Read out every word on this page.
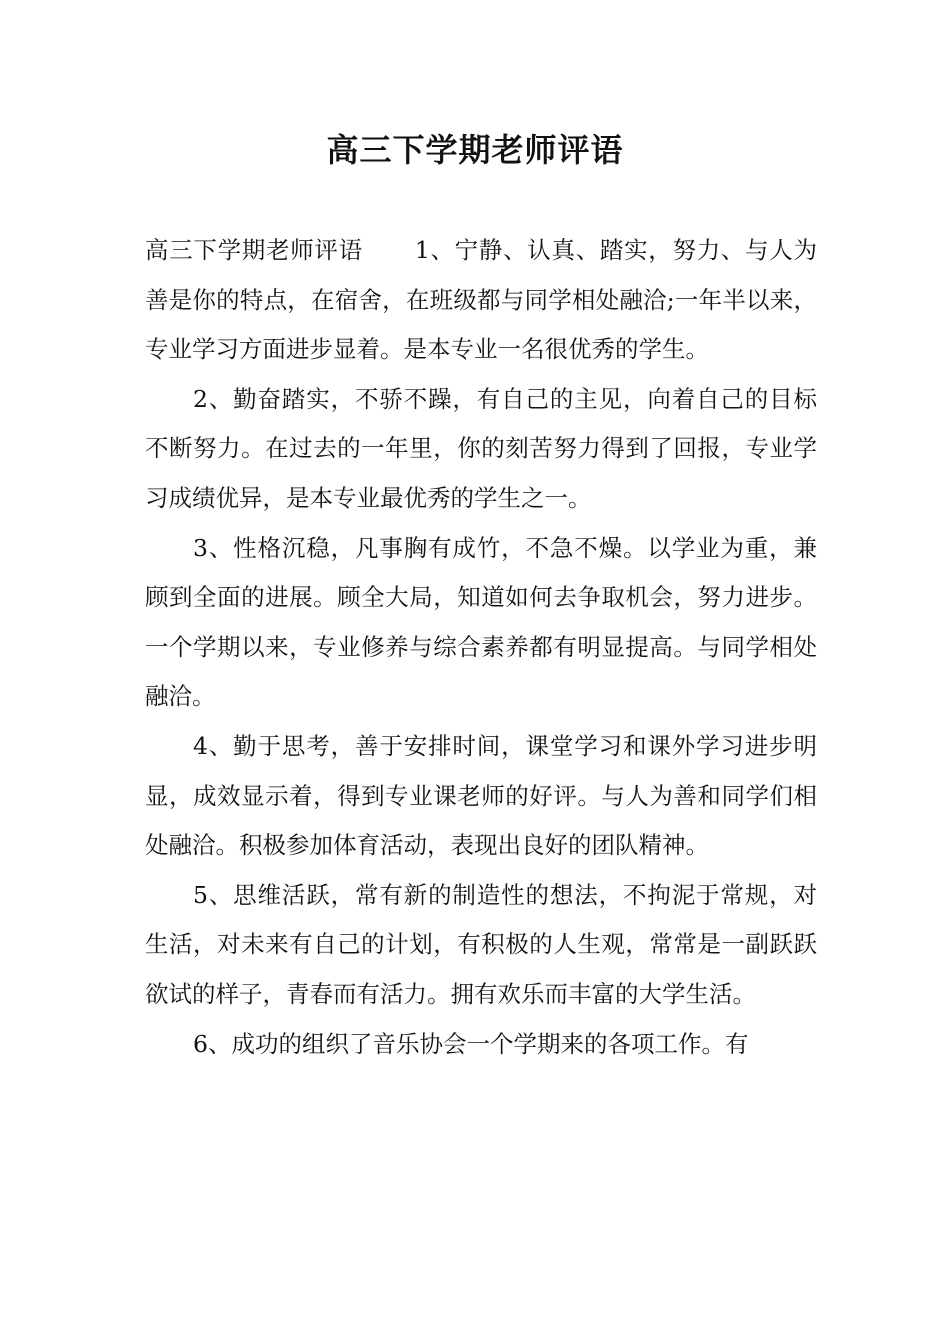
高三下学期老师评语

高三下学期老师评语 1、宁静、认真、踏实，努力、与人为善是你的特点，在宿舍，在班级都与同学相处融洽;一年半以来，专业学习方面进步显着。是本专业一名很优秀的学生。

2、勤奋踏实，不骄不躁，有自己的主见，向着自己的目标不断努力。在过去的一年里，你的刻苦努力得到了回报，专业学习成绩优异，是本专业最优秀的学生之一。

3、性格沉稳，凡事胸有成竹，不急不燥。以学业为重，兼顾到全面的进展。顾全大局，知道如何去争取机会，努力进步。一个学期以来，专业修养与综合素养都有明显提高。与同学相处融洽。

4、勤于思考，善于安排时间，课堂学习和课外学习进步明显，成效显示着，得到专业课老师的好评。与人为善和同学们相处融洽。积极参加体育活动，表现出良好的团队精神。

5、思维活跃，常有新的制造性的想法，不拘泥于常规，对生活，对未来有自己的计划，有积极的人生观，常常是一副跃跃欲试的样子，青春而有活力。拥有欢乐而丰富的大学生活。

6、成功的组织了音乐协会一个学期来的各项工作。有
